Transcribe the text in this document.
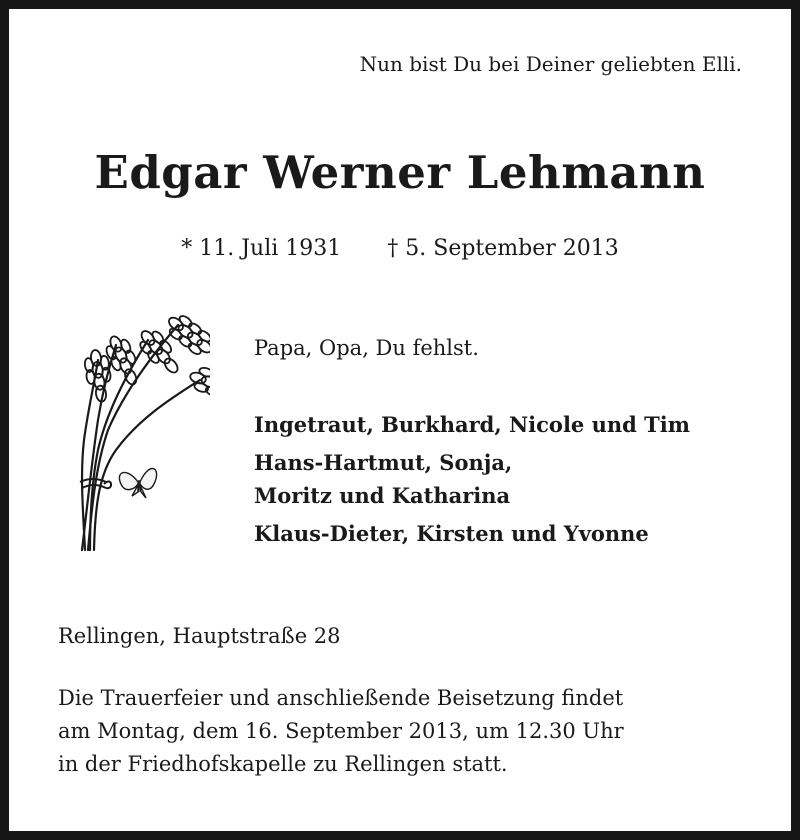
Nun bist Du bei Deiner geliebten Elli.
Edgar Werner Lehmann
* 11. Juli 1931 † 5. September 2013
Papa, Opa, Du fehlst.
Ingetraut, Burkhard, Nicole und Tim
Hans-Hartmut, Sonja,
Moritz und Katharina
Klaus-Dieter, Kirsten und Yvonne
Rellingen, Hauptstraße 28
Die Trauerfeier und anschließende Beisetzung findet
am Montag, dem 16. September 2013, um 12.30 Uhr
in der Friedhofskapelle zu Rellingen statt.
